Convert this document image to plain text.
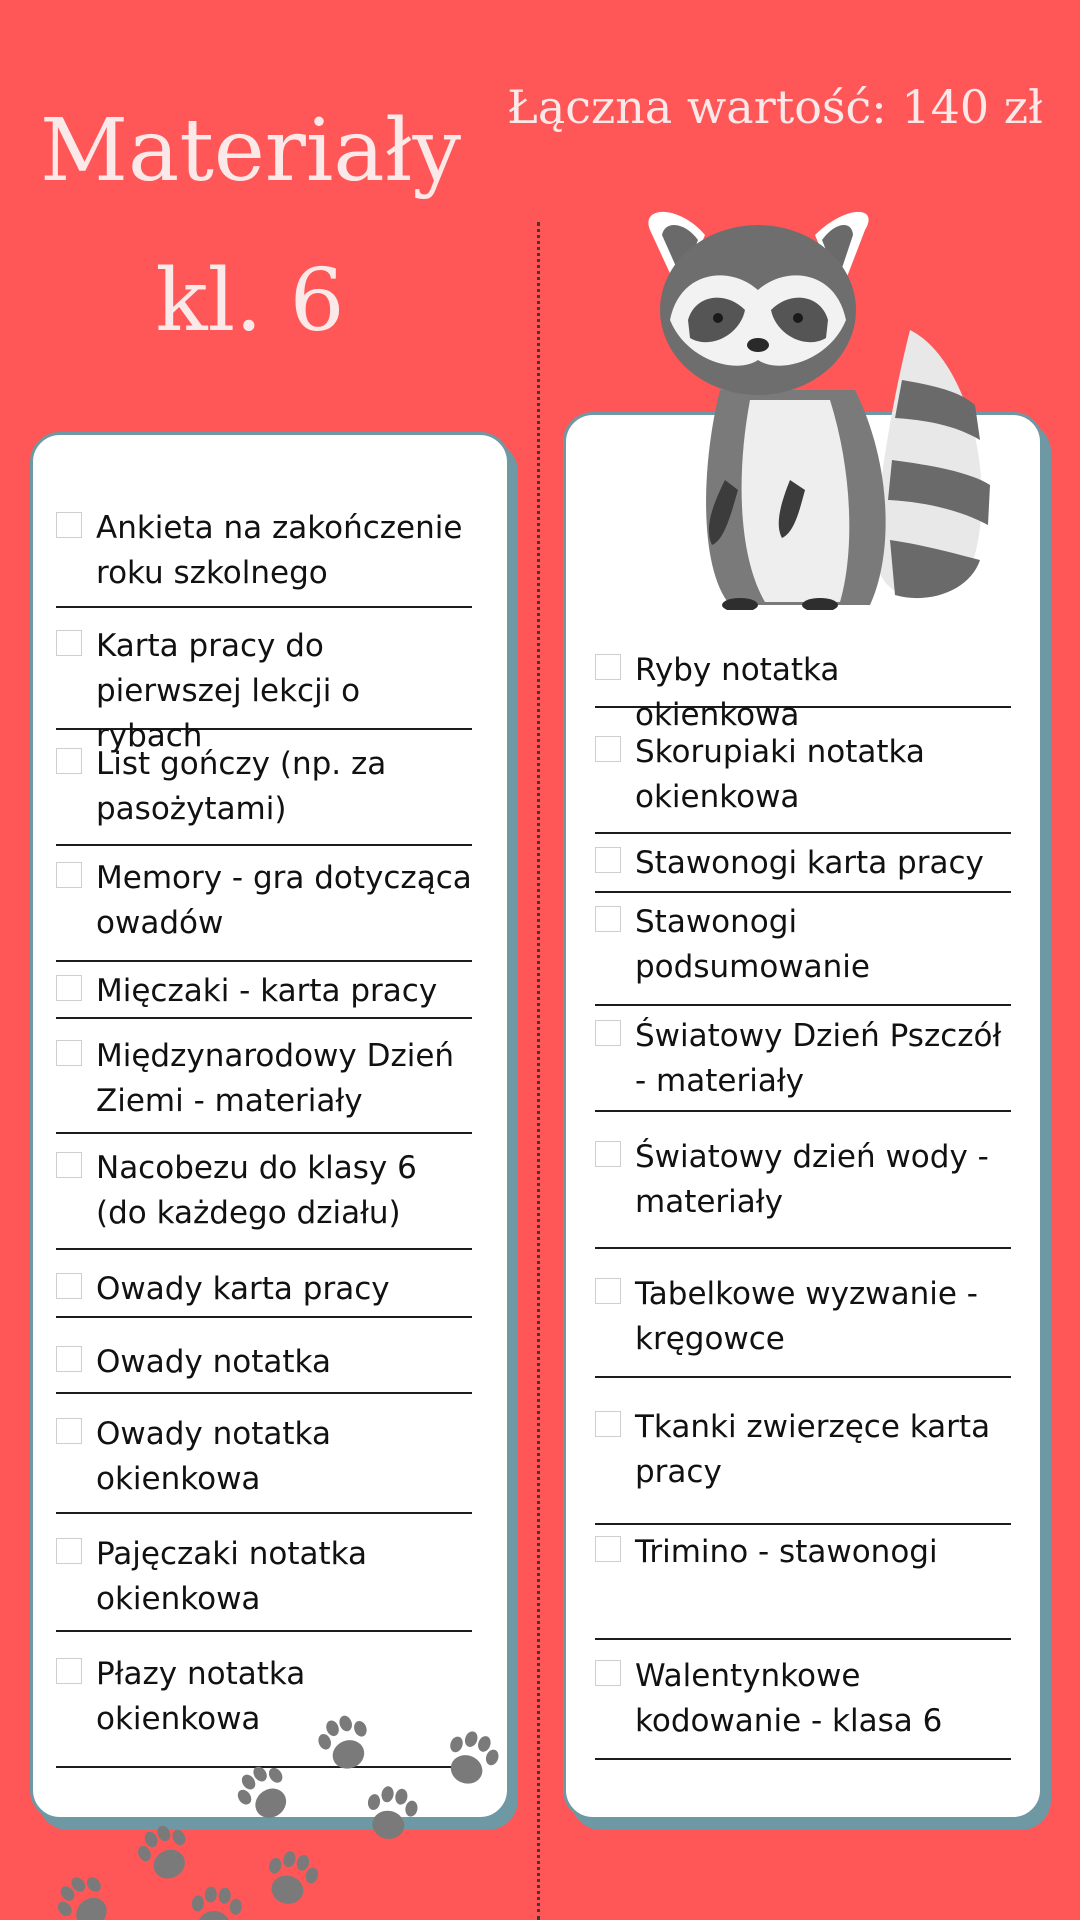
Materiały
kl. 6
Łączna wartość: 140 zł
Ankieta na zakończenie roku szkolnego
Karta pracy do pierwszej lekcji o rybach
List gończy (np. za pasożytami)
Memory - gra dotycząca owadów
Mięczaki - karta pracy
Międzynarodowy Dzień Ziemi - materiały
Nacobezu do klasy 6 (do każdego działu)
Owady karta pracy
Owady notatka
Owady notatka okienkowa
Pajęczaki notatka okienkowa
Płazy notatka okienkowa
Ryby notatka okienkowa
Skorupiaki notatka okienkowa
Stawonogi karta pracy
Stawonogi podsumowanie
Światowy Dzień Pszczół - materiały
Światowy dzień wody - materiały
Tabelkowe wyzwanie - kręgowce
Tkanki zwierzęce karta pracy
Trimino - stawonogi
Walentynkowe kodowanie - klasa 6
